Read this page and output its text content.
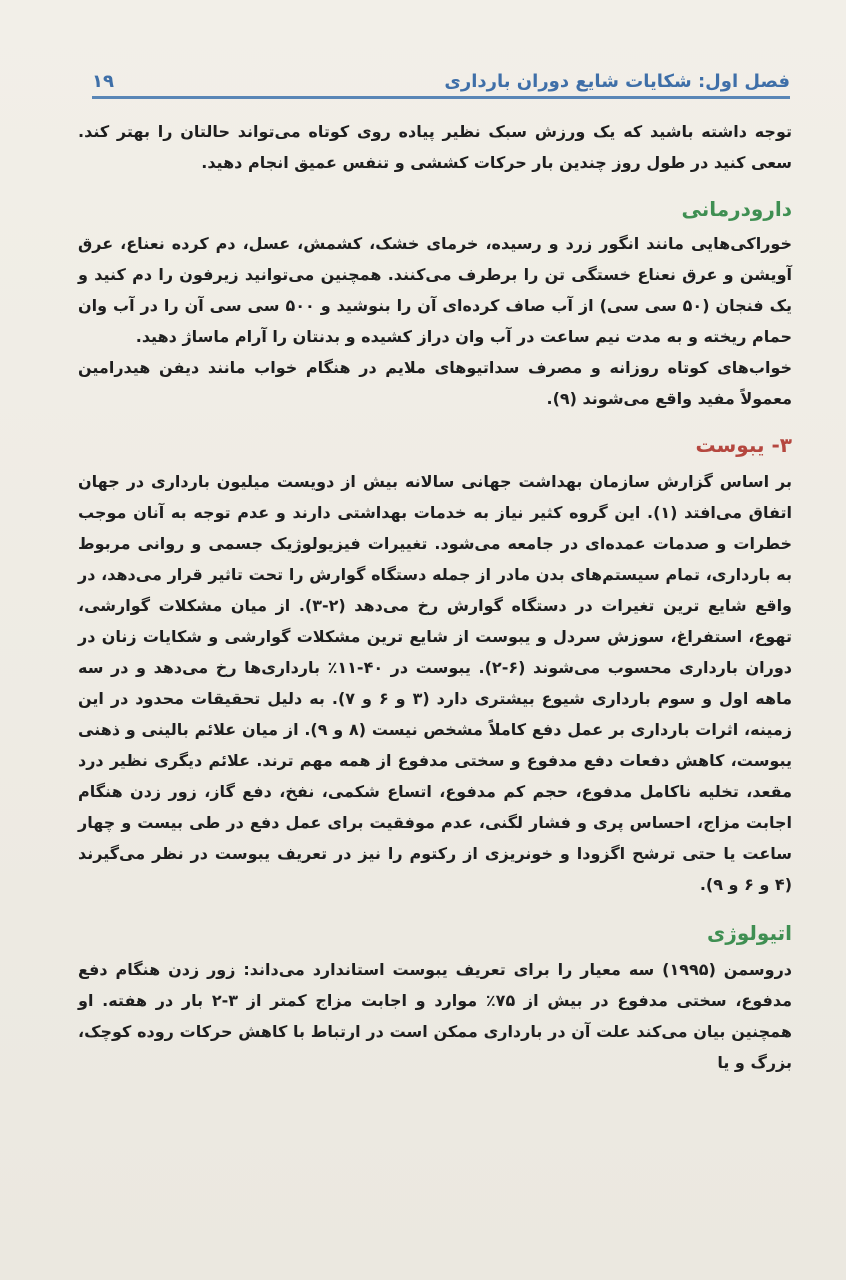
فصل اول: شکایات شایع دوران بارداری
۱۹

توجه داشته باشید که یک ورزش سبک نظیر پیاده روی کوتاه می‌تواند حالتان را بهتر کند. سعی کنید در طول روز چندین بار حرکات کششی و تنفس عمیق انجام دهید.

دارودرمانی

خوراکی‌هایی مانند انگور زرد و رسیده، خرمای خشک، کشمش، عسل، دم کرده نعناع، عرق آویشن و عرق نعناع خستگی تن را برطرف می‌کنند. همچنین می‌توانید زیرفون را دم کنید و یک فنجان (۵۰ سی سی) از آب صاف کرده‌ای آن را بنوشید و ۵۰۰ سی سی آن را در آب وان حمام ریخته و به مدت نیم ساعت در آب وان دراز کشیده و بدنتان را آرام ماساژ دهید.

خواب‌های کوتاه روزانه و مصرف سداتیوهای ملایم در هنگام خواب مانند دیفن هیدرامین معمولاً مفید واقع می‌شوند (۹).

۳- یبوست

بر اساس گزارش سازمان بهداشت جهانی سالانه بیش از دویست میلیون بارداری در جهان اتفاق می‌افتد (۱). این گروه کثیر نیاز به خدمات بهداشتی دارند و عدم توجه به آنان موجب خطرات و صدمات عمده‌ای در جامعه می‌شود. تغییرات فیزیولوژیک جسمی و روانی مربوط به بارداری، تمام سیستم‌های بدن مادر از جمله دستگاه گوارش را تحت تاثیر قرار می‌دهد، در واقع شایع ترین تغیرات در دستگاه گوارش رخ می‌دهد (۲-۳). از میان مشکلات گوارشی، تهوع، استفراغ، سوزش سردل و یبوست از شایع ترین مشکلات گوارشی و شکایات زنان در دوران بارداری محسوب می‌شوند (۶-۲). یبوست در ۴۰-۱۱٪ بارداری‌ها رخ می‌دهد و در سه ماهه اول و سوم بارداری شیوع بیشتری دارد (۳ و ۶ و ۷). به دلیل تحقیقات محدود در این زمینه، اثرات بارداری بر عمل دفع کاملاً مشخص نیست (۸ و ۹). از میان علائم بالینی و ذهنی یبوست، کاهش دفعات دفع مدفوع و سختی مدفوع از همه مهم ترند. علائم دیگری نظیر درد مقعد، تخلیه ناکامل مدفوع، حجم کم مدفوع، اتساع شکمی، نفخ، دفع گاز، زور زدن هنگام اجابت مزاج، احساس پری و فشار لگنی، عدم موفقیت برای عمل دفع در طی بیست و چهار ساعت یا حتی ترشح اگزودا و خونریزی از رکتوم را نیز در تعریف یبوست در نظر می‌گیرند (۴ و ۶ و ۹).

اتیولوژی

دروسمن (۱۹۹۵) سه معیار را برای تعریف یبوست استاندارد می‌داند: زور زدن هنگام دفع مدفوع، سختی مدفوع در بیش از ۷۵٪ موارد و اجابت مزاج کمتر از ۳-۲ بار در هفته. او همچنین بیان می‌کند علت آن در بارداری ممکن است در ارتباط با کاهش حرکات روده کوچک، بزرگ و یا
